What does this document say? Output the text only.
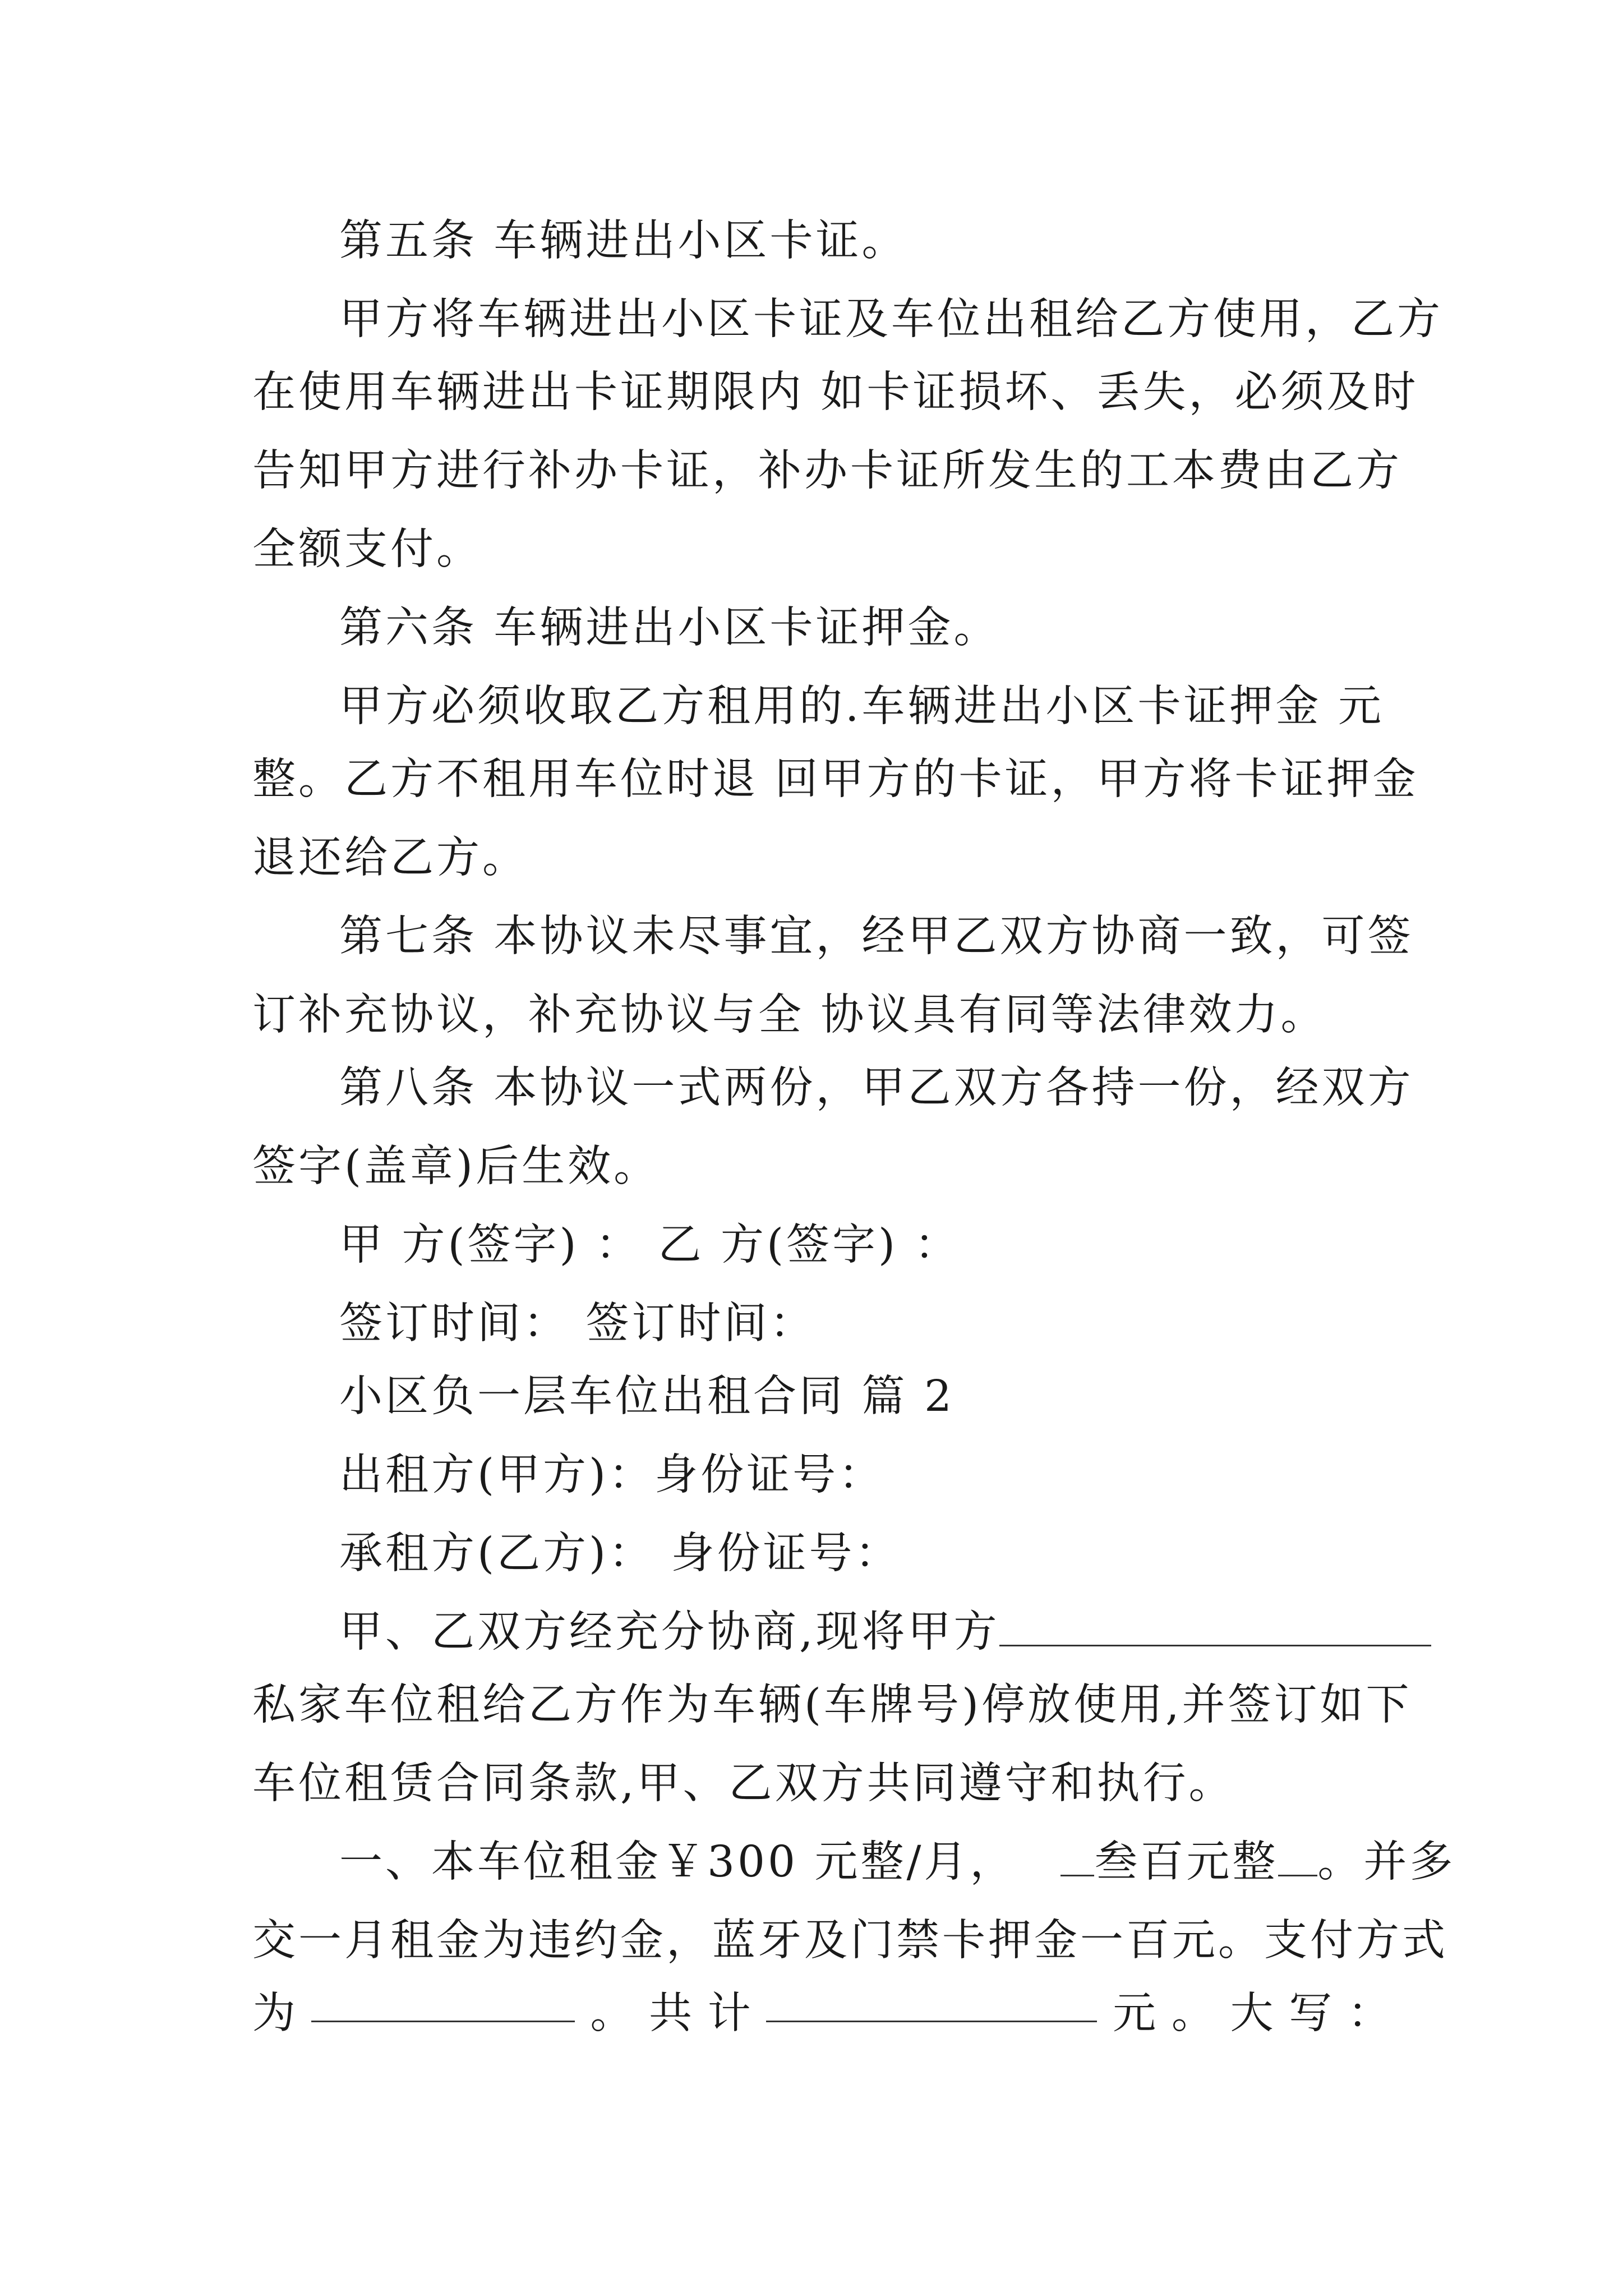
第五条 车辆进出小区卡证。
甲方将车辆进出小区卡证及车位出租给乙方使用，乙方
在使用车辆进出卡证期限内 如卡证损坏、丢失，必须及时
告知甲方进行补办卡证，补办卡证所发生的工本费由乙方
全额支付。
第六条 车辆进出小区卡证押金。
甲方必须收取乙方租用的.车辆进出小区卡证押金 元
整。乙方不租用车位时退 回甲方的卡证，甲方将卡证押金
退还给乙方。
第七条 本协议未尽事宜，经甲乙双方协商一致，可签
订补充协议，补充协议与全 协议具有同等法律效力。
第八条 本协议一式两份，甲乙双方各持一份，经双方
签字(盖章)后生效。
甲 方(签字) ： 乙 方(签字) ：
签订时间： 签订时间：
小区负一层车位出租合同 篇 2
出租方(甲方)：身份证号：
承租方(乙方)： 身份证号：
甲、乙双方经充分协商,现将甲方
私家车位租给乙方作为车辆(车牌号)停放使用,并签订如下
车位租赁合同条款,甲、乙双方共同遵守和执行。
一、本车位租金￥300 元整/月， 叁百元整 。并多
交一月租金为违约金，蓝牙及门禁卡押金一百元。支付方式
为	。 共 计	元 。 大 写 ：
